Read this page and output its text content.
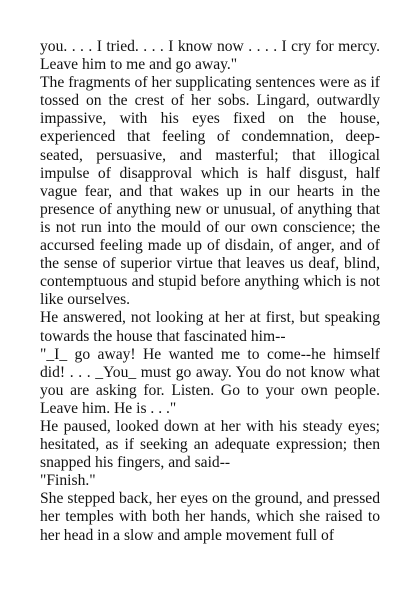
you. . . . I tried. . . . I know now . . . . I cry for mercy. Leave him to me and go away."

The fragments of her supplicating sentences were as if tossed on the crest of her sobs. Lingard, outwardly impassive, with his eyes fixed on the house, experienced that feeling of condemnation, deep-seated, persuasive, and masterful; that illogical impulse of disapproval which is half disgust, half vague fear, and that wakes up in our hearts in the presence of anything new or unusual, of anything that is not run into the mould of our own conscience; the accursed feeling made up of disdain, of anger, and of the sense of superior virtue that leaves us deaf, blind, contemptuous and stupid before anything which is not like ourselves.

He answered, not looking at her at first, but speaking towards the house that fascinated him--

"_I_ go away! He wanted me to come--he himself did! . . . _You_ must go away. You do not know what you are asking for. Listen. Go to your own people. Leave him. He is . . ."

He paused, looked down at her with his steady eyes; hesitated, as if seeking an adequate expression; then snapped his fingers, and said--

"Finish."

She stepped back, her eyes on the ground, and pressed her temples with both her hands, which she raised to her head in a slow and ample movement full of
